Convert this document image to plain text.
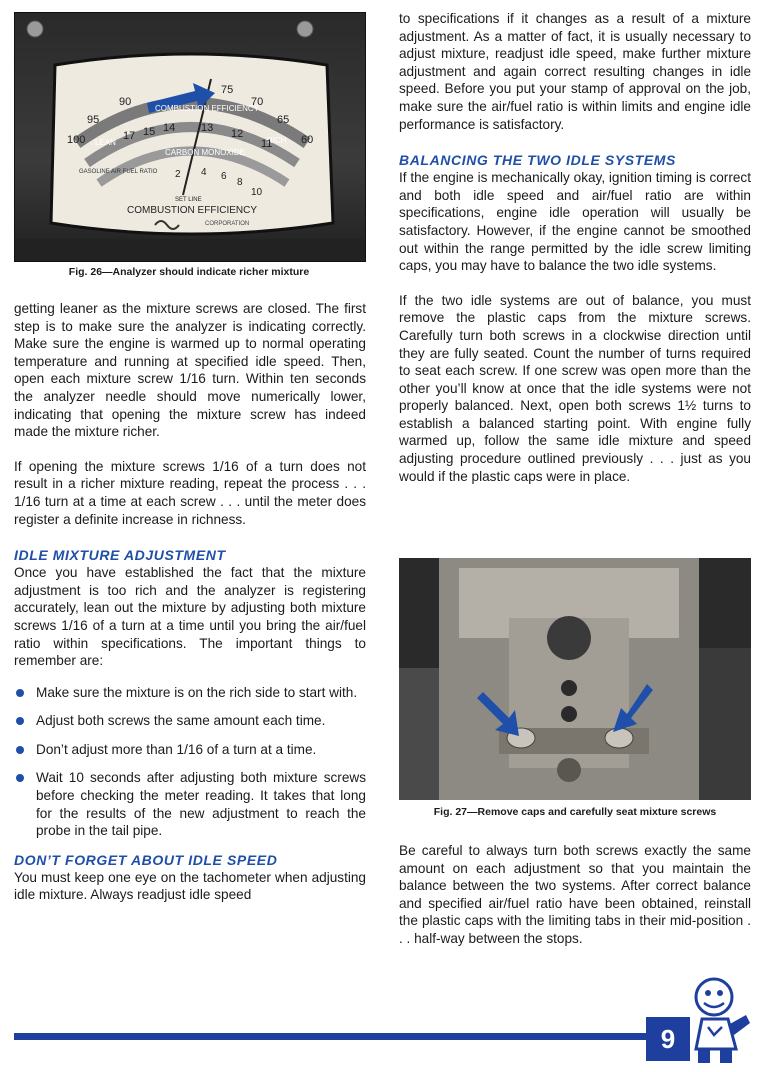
100
95
90
75
70
65
60
COMBUSTION EFFICIENCY
LEAN	RICH
GASOLINE AIR FUEL RATIO
17 15 14 13 12
11
CARBON MONOXIDE
2 4 6
8
10
SET LINE
COMBUSTION EFFICIENCY
CORPORATION
Fig. 26—Analyzer should indicate richer mixture

getting leaner as the mixture screws are closed. The first step is to make sure the analyzer is indicating correctly. Make sure the engine is warmed up to normal operating temperature and running at specified idle speed. Then, open each mixture screw 1/16 turn. Within ten seconds the analyzer needle should move numerically lower, indicating that opening the mixture screw has indeed made the mixture richer.

If opening the mixture screws 1/16 of a turn does not result in a richer mixture reading, repeat the process . . . 1/16 turn at a time at each screw . . . until the meter does register a definite increase in richness.

IDLE MIXTURE ADJUSTMENT

Once you have established the fact that the mixture adjustment is too rich and the analyzer is registering accurately, lean out the mixture by adjusting both mixture screws 1/16 of a turn at a time until you bring the air/fuel ratio within specifications. The important things to remember are:

Make sure the mixture is on the rich side to start with.
Adjust both screws the same amount each time.
Don’t adjust more than 1/16 of a turn at a time.
Wait 10 seconds after adjusting both mixture screws before checking the meter reading. It takes that long for the results of the new adjustment to reach the probe in the tail pipe.
DON’T FORGET ABOUT IDLE SPEED

You must keep one eye on the tachometer when adjusting idle mixture. Always readjust idle speed

to specifications if it changes as a result of a mixture adjustment. As a matter of fact, it is usually necessary to adjust mixture, readjust idle speed, make further mixture adjustment and again correct resulting changes in idle speed. Before you put your stamp of approval on the job, make sure the air/fuel ratio is within limits and engine idle performance is satisfactory.

BALANCING THE TWO IDLE SYSTEMS

If the engine is mechanically okay, ignition timing is correct and both idle speed and air/fuel ratio are within specifications, engine idle operation will usually be satisfactory. However, if the engine cannot be smoothed out within the range permitted by the idle screw limiting caps, you may have to balance the two idle systems.

If the two idle systems are out of balance, you must remove the plastic caps from the mixture screws. Carefully turn both screws in a clockwise direction until they are fully seated. Count the number of turns required to seat each screw. If one screw was open more than the other you’ll know at once that the idle systems were not properly balanced. Next, open both screws 1½ turns to establish a balanced starting point. With engine fully warmed up, follow the same idle mixture and speed adjusting procedure outlined previously . . . just as you would if the plastic caps were in place.

Fig. 27—Remove caps and carefully seat mixture screws

Be careful to always turn both screws exactly the same amount on each adjustment so that you maintain the balance between the two systems. After correct balance and specified air/fuel ratio have been obtained, reinstall the plastic caps with the limiting tabs in their mid-position . . . half-way between the stops.

9
